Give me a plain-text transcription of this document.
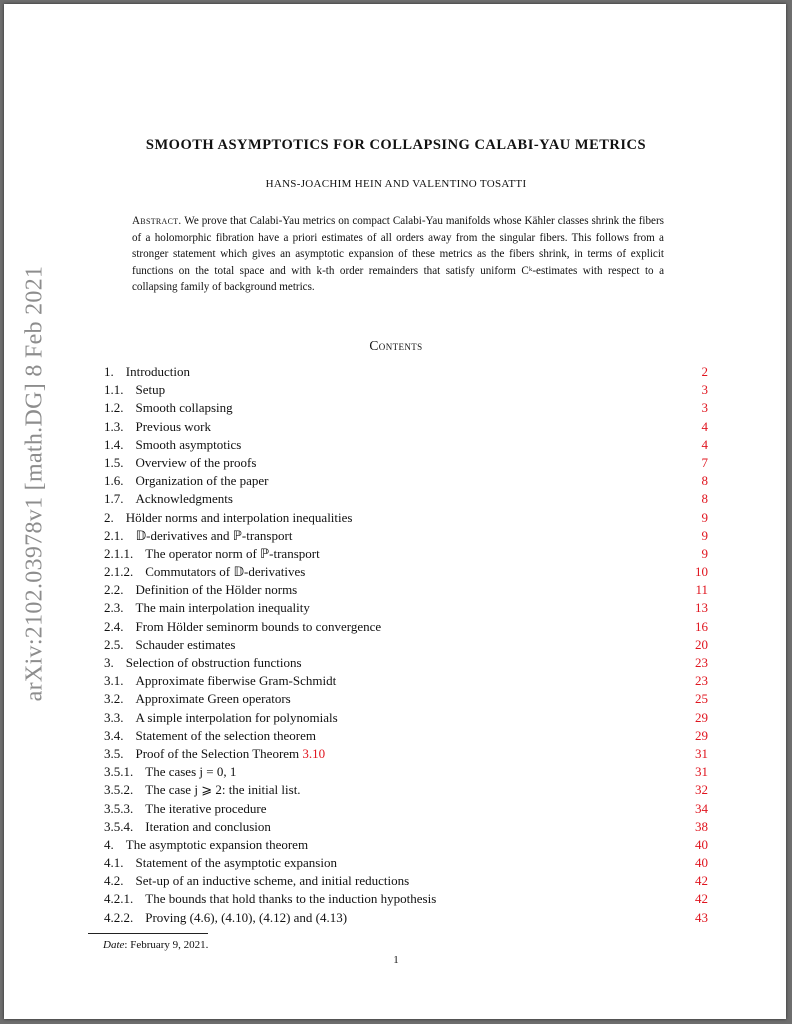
arXiv:2102.03978v1 [math.DG] 8 Feb 2021
SMOOTH ASYMPTOTICS FOR COLLAPSING CALABI-YAU METRICS
HANS-JOACHIM HEIN AND VALENTINO TOSATTI
Abstract. We prove that Calabi-Yau metrics on compact Calabi-Yau manifolds whose Kähler classes shrink the fibers of a holomorphic fibration have a priori estimates of all orders away from the singular fibers. This follows from a stronger statement which gives an asymptotic expansion of these metrics as the fibers shrink, in terms of explicit functions on the total space and with k-th order remainders that satisfy uniform Cᵏ-estimates with respect to a collapsing family of background metrics.
Contents
1. Introduction	2
1.1. Setup	3
1.2. Smooth collapsing	3
1.3. Previous work	4
1.4. Smooth asymptotics	4
1.5. Overview of the proofs	7
1.6. Organization of the paper	8
1.7. Acknowledgments	8
2. Hölder norms and interpolation inequalities	9
2.1. 𝔻-derivatives and ℙ-transport	9
2.1.1. The operator norm of ℙ-transport	9
2.1.2. Commutators of 𝔻-derivatives	10
2.2. Definition of the Hölder norms	11
2.3. The main interpolation inequality	13
2.4. From Hölder seminorm bounds to convergence	16
2.5. Schauder estimates	20
3. Selection of obstruction functions	23
3.1. Approximate fiberwise Gram-Schmidt	23
3.2. Approximate Green operators	25
3.3. A simple interpolation for polynomials	29
3.4. Statement of the selection theorem	29
3.5. Proof of the Selection Theorem 3.10	31
3.5.1. The cases j = 0, 1	31
3.5.2. The case j ⩾ 2: the initial list.	32
3.5.3. The iterative procedure	34
3.5.4. Iteration and conclusion	38
4. The asymptotic expansion theorem	40
4.1. Statement of the asymptotic expansion	40
4.2. Set-up of an inductive scheme, and initial reductions	42
4.2.1. The bounds that hold thanks to the induction hypothesis	42
4.2.2. Proving (4.6), (4.10), (4.12) and (4.13)	43
Date: February 9, 2021.
1
